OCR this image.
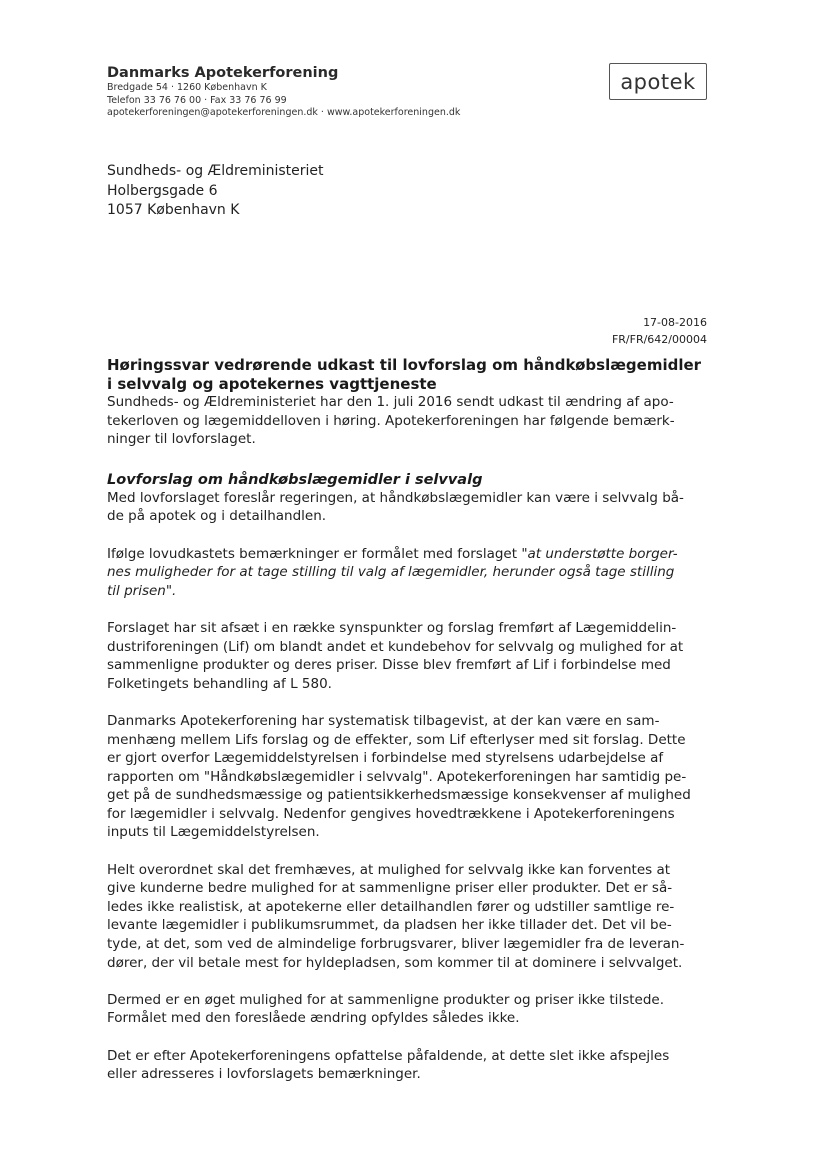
Danmarks Apotekerforening
Bredgade 54 · 1260 København K
Telefon 33 76 76 00 · Fax 33 76 76 99
apotekerforeningen@apotekerforeningen.dk · www.apotekerforeningen.dk
apotek
Sundheds- og Ældreministeriet
Holbergsgade 6
1057 København K
17-08-2016
FR/FR/642/00004
Høringssvar vedrørende udkast til lovforslag om håndkøbslægemidler
i selvvalg og apotekernes vagttjeneste

Sundheds- og Ældreministeriet har den 1. juli 2016 sendt udkast til ændring af apo-
tekerloven og lægemiddelloven i høring. Apotekerforeningen har følgende bemærk-
ninger til lovforslaget.

Lovforslag om håndkøbslægemidler i selvvalg

Med lovforslaget foreslår regeringen, at håndkøbslægemidler kan være i selvvalg bå-
de på apotek og i detailhandlen.

Ifølge lovudkastets bemærkninger er formålet med forslaget "at understøtte borger-
nes muligheder for at tage stilling til valg af lægemidler, herunder også tage stilling
til prisen".

Forslaget har sit afsæt i en række synspunkter og forslag fremført af Lægemiddelin-
dustriforeningen (Lif) om blandt andet et kundebehov for selvvalg og mulighed for at
sammenligne produkter og deres priser. Disse blev fremført af Lif i forbindelse med
Folketingets behandling af L 580.

Danmarks Apotekerforening har systematisk tilbagevist, at der kan være en sam-
menhæng mellem Lifs forslag og de effekter, som Lif efterlyser med sit forslag. Dette
er gjort overfor Lægemiddelstyrelsen i forbindelse med styrelsens udarbejdelse af
rapporten om "Håndkøbslægemidler i selvvalg". Apotekerforeningen har samtidig pe-
get på de sundhedsmæssige og patientsikkerhedsmæssige konsekvenser af mulighed
for lægemidler i selvvalg. Nedenfor gengives hovedtrækkene i Apotekerforeningens
inputs til Lægemiddelstyrelsen.

Helt overordnet skal det fremhæves, at mulighed for selvvalg ikke kan forventes at
give kunderne bedre mulighed for at sammenligne priser eller produkter. Det er så-
ledes ikke realistisk, at apotekerne eller detailhandlen fører og udstiller samtlige re-
levante lægemidler i publikumsrummet, da pladsen her ikke tillader det. Det vil be-
tyde, at det, som ved de almindelige forbrugsvarer, bliver lægemidler fra de leveran-
dører, der vil betale mest for hyldepladsen, som kommer til at dominere i selvvalget.

Dermed er en øget mulighed for at sammenligne produkter og priser ikke tilstede.
Formålet med den foreslåede ændring opfyldes således ikke.

Det er efter Apotekerforeningens opfattelse påfaldende, at dette slet ikke afspejles
eller adresseres i lovforslagets bemærkninger.
